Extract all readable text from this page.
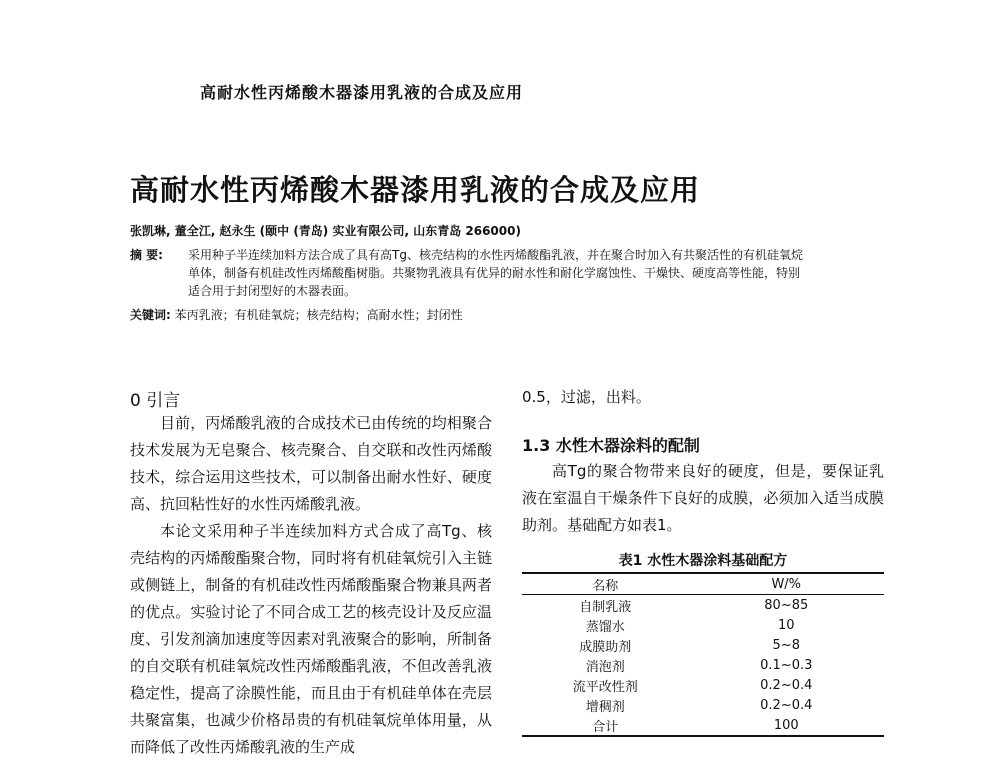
高耐水性丙烯酸木器漆用乳液的合成及应用
高耐水性丙烯酸木器漆用乳液的合成及应用
张凯琳, 董全江, 赵永生 (颐中 (青岛) 实业有限公司, 山东青岛 266000)
摘 要:	采用种子半连续加料方法合成了具有高Tg、核壳结构的水性丙烯酸酯乳液，并在聚合时加入有共聚活性的有机硅氧烷单体，制备有机硅改性丙烯酸酯树脂。共聚物乳液具有优异的耐水性和耐化学腐蚀性、干燥快、硬度高等性能，特别适合用于封闭型好的木器表面。
关键词: 苯丙乳液；有机硅氧烷；核壳结构；高耐水性；封闭性
0 引言

目前，丙烯酸乳液的合成技术已由传统的均相聚合技术发展为无皂聚合、核壳聚合、自交联和改性丙烯酸技术，综合运用这些技术，可以制备出耐水性好、硬度高、抗回粘性好的水性丙烯酸乳液。

本论文采用种子半连续加料方式合成了高Tg、核壳结构的丙烯酸酯聚合物，同时将有机硅氧烷引入主链或侧链上，制备的有机硅改性丙烯酸酯聚合物兼具两者的优点。实验讨论了不同合成工艺的核壳设计及反应温度、引发剂滴加速度等因素对乳液聚合的影响，所制备的自交联有机硅氧烷改性丙烯酸酯乳液，不但改善乳液稳定性，提高了涂膜性能，而且由于有机硅单体在壳层共聚富集，也减少价格昂贵的有机硅氧烷单体用量，从而降低了改性丙烯酸乳液的生产成

0.5，过滤，出料。
1.3 水性木器涂料的配制

高Tg的聚合物带来良好的硬度，但是，要保证乳液在室温自干燥条件下良好的成膜，必须加入适当成膜助剂。基础配方如表1。

表1 水性木器涂料基础配方
名称	W/%
自制乳液	80~85
蒸馏水	10
成膜助剂	5~8
消泡剂	0.1~0.3
流平改性剂	0.2~0.4
增稠剂	0.2~0.4
合计	100
